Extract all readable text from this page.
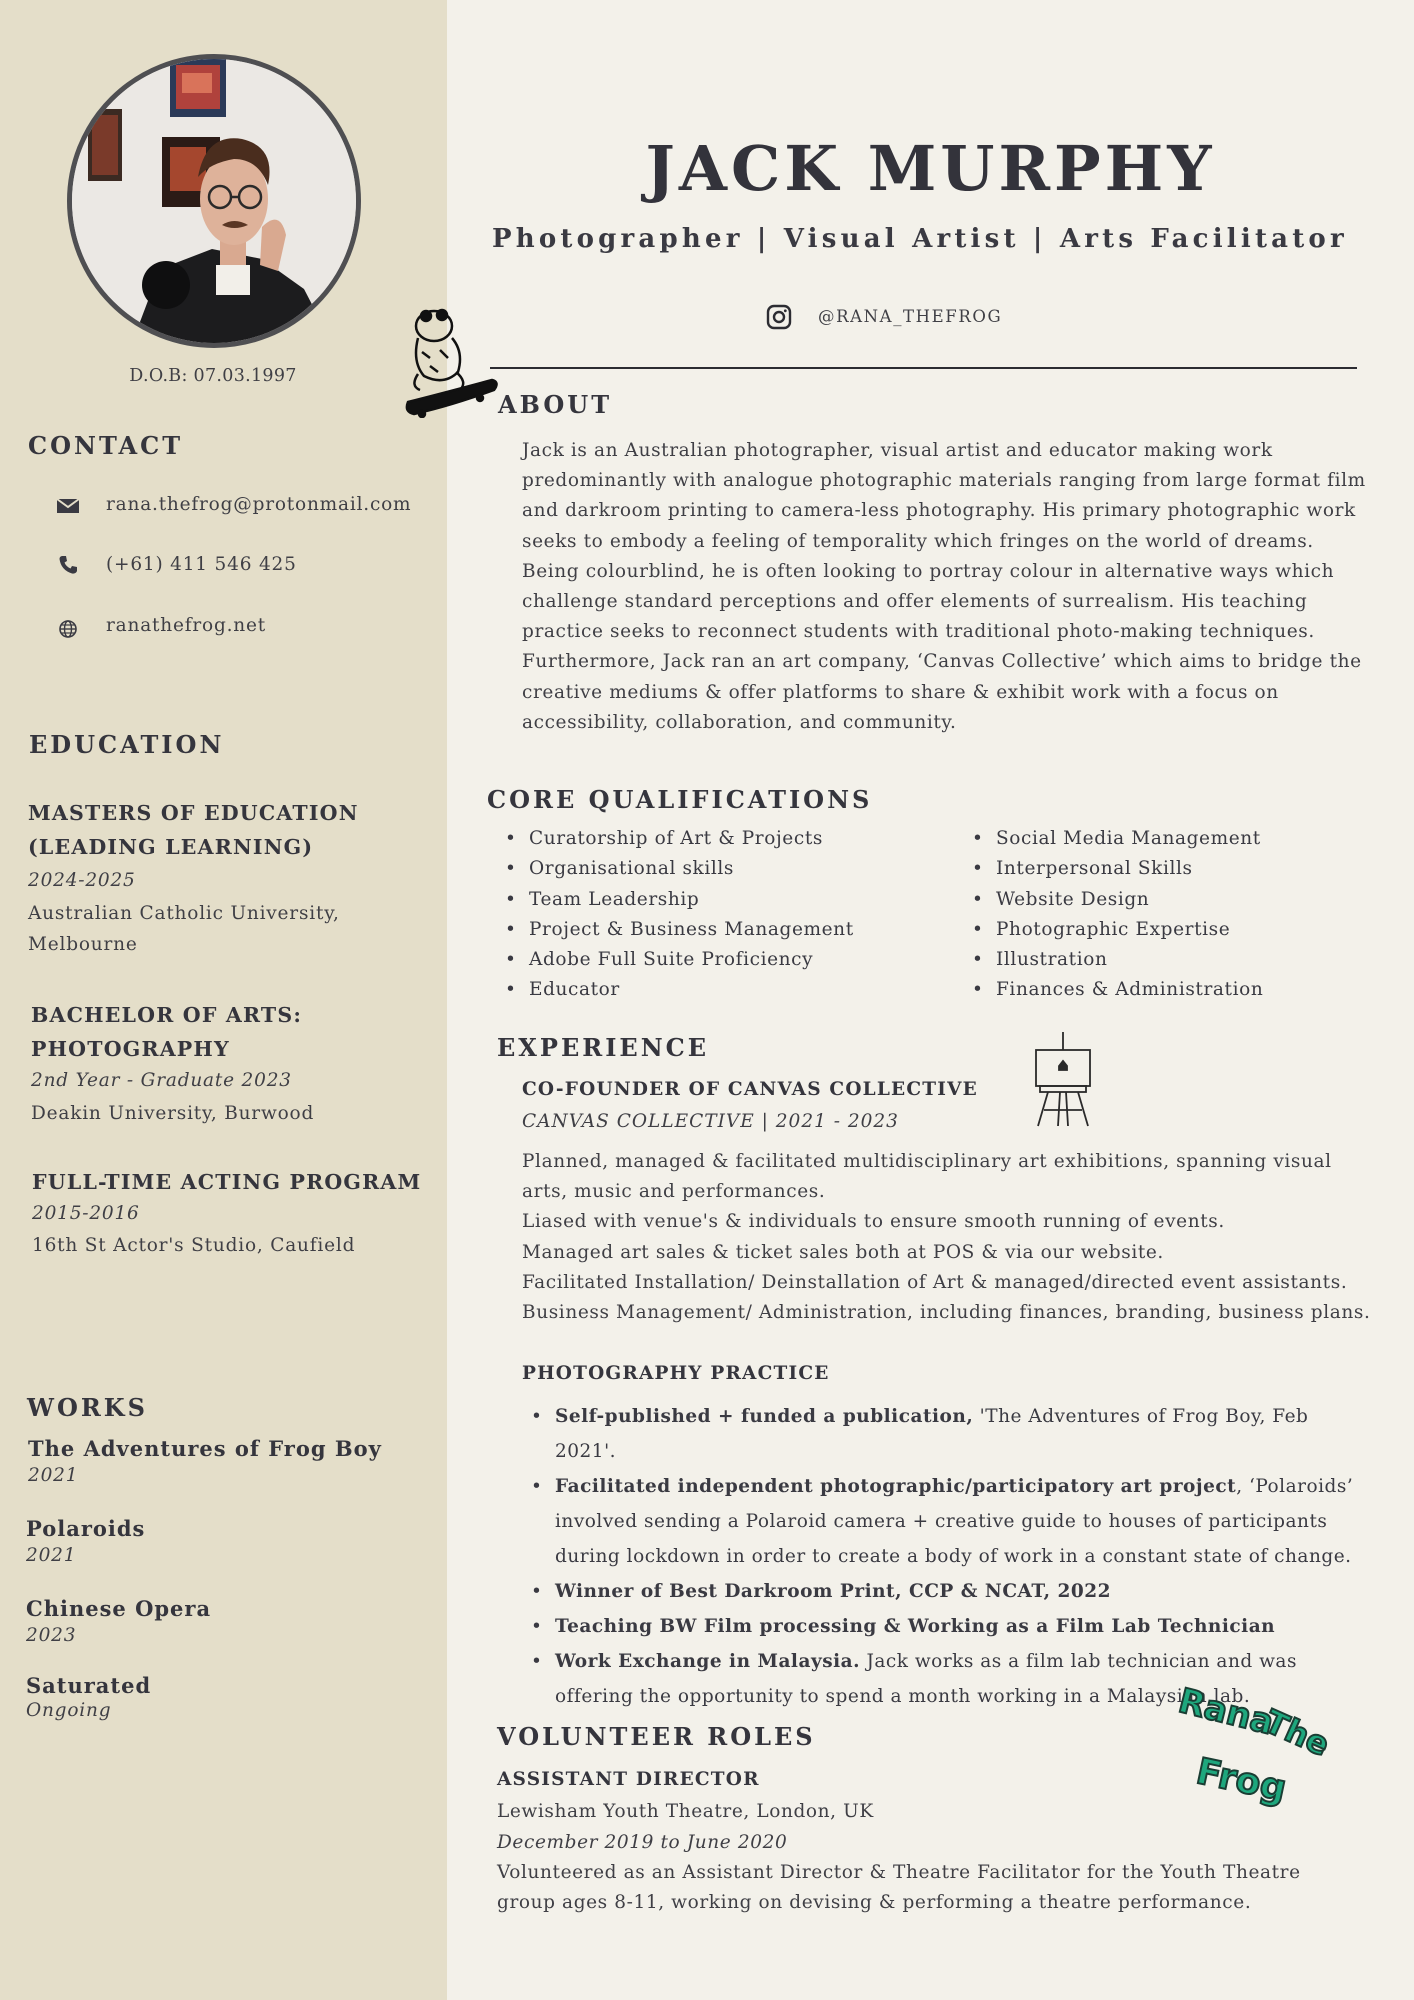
D.O.B: 07.03.1997
CONTACT
rana.thefrog@protonmail.com
(+61) 411 546 425
ranathefrog.net
EDUCATION
MASTERS OF EDUCATION
(LEADING LEARNING)
2024-2025
Australian Catholic University,
Melbourne
BACHELOR OF ARTS:
PHOTOGRAPHY
2nd Year - Graduate 2023
Deakin University, Burwood
FULL-TIME ACTING PROGRAM
2015-2016
16th St Actor's Studio, Caufield
WORKS
The Adventures of Frog Boy
2021
Polaroids
2021
Chinese Opera
2023
Saturated
Ongoing
JACK MURPHY
Photographer | Visual Artist | Arts Facilitator
@RANA_THEFROG
ABOUT
Jack is an Australian photographer, visual artist and educator making work
predominantly with analogue photographic materials ranging from large format film
and darkroom printing to camera-less photography. His primary photographic work
seeks to embody a feeling of temporality which fringes on the world of dreams.
Being colourblind, he is often looking to portray colour in alternative ways which
challenge standard perceptions and offer elements of surrealism. His teaching
practice seeks to reconnect students with traditional photo-making techniques.
Furthermore, Jack ran an art company, ‘Canvas Collective’ which aims to bridge the
creative mediums & offer platforms to share & exhibit work with a focus on
accessibility, collaboration, and community.
CORE QUALIFICATIONS
• Curatorship of Art & Projects
• Organisational skills
• Team Leadership
• Project & Business Management
• Adobe Full Suite Proficiency
• Educator
• Social Media Management
• Interpersonal Skills
• Website Design
• Photographic Expertise
• Illustration
• Finances & Administration
EXPERIENCE
CO-FOUNDER OF CANVAS COLLECTIVE
CANVAS COLLECTIVE | 2021 - 2023
Planned, managed & facilitated multidisciplinary art exhibitions, spanning visual
arts, music and performances.
Liased with venue's & individuals to ensure smooth running of events.
Managed art sales & ticket sales both at POS & via our website.
Facilitated Installation/ Deinstallation of Art & managed/directed event assistants.
Business Management/ Administration, including finances, branding, business plans.
PHOTOGRAPHY PRACTICE
• Self-published + funded a publication, 'The Adventures of Frog Boy, Feb 2021'.
• Facilitated independent photographic/participatory art project, ‘Polaroids’ involved sending a Polaroid camera + creative guide to houses of participants during lockdown in order to create a body of work in a constant state of change.
• Winner of Best Darkroom Print, CCP & NCAT, 2022
• Teaching BW Film processing & Working as a Film Lab Technician
• Work Exchange in Malaysia. Jack works as a film lab technician and was offering the opportunity to spend a month working in a Malaysian lab.
VOLUNTEER ROLES
ASSISTANT DIRECTOR
Lewisham Youth Theatre, London, UK
December 2019 to June 2020
Volunteered as an Assistant Director & Theatre Facilitator for the Youth Theatre
group ages 8-11, working on devising & performing a theatre performance.
Rana
The
Frog
